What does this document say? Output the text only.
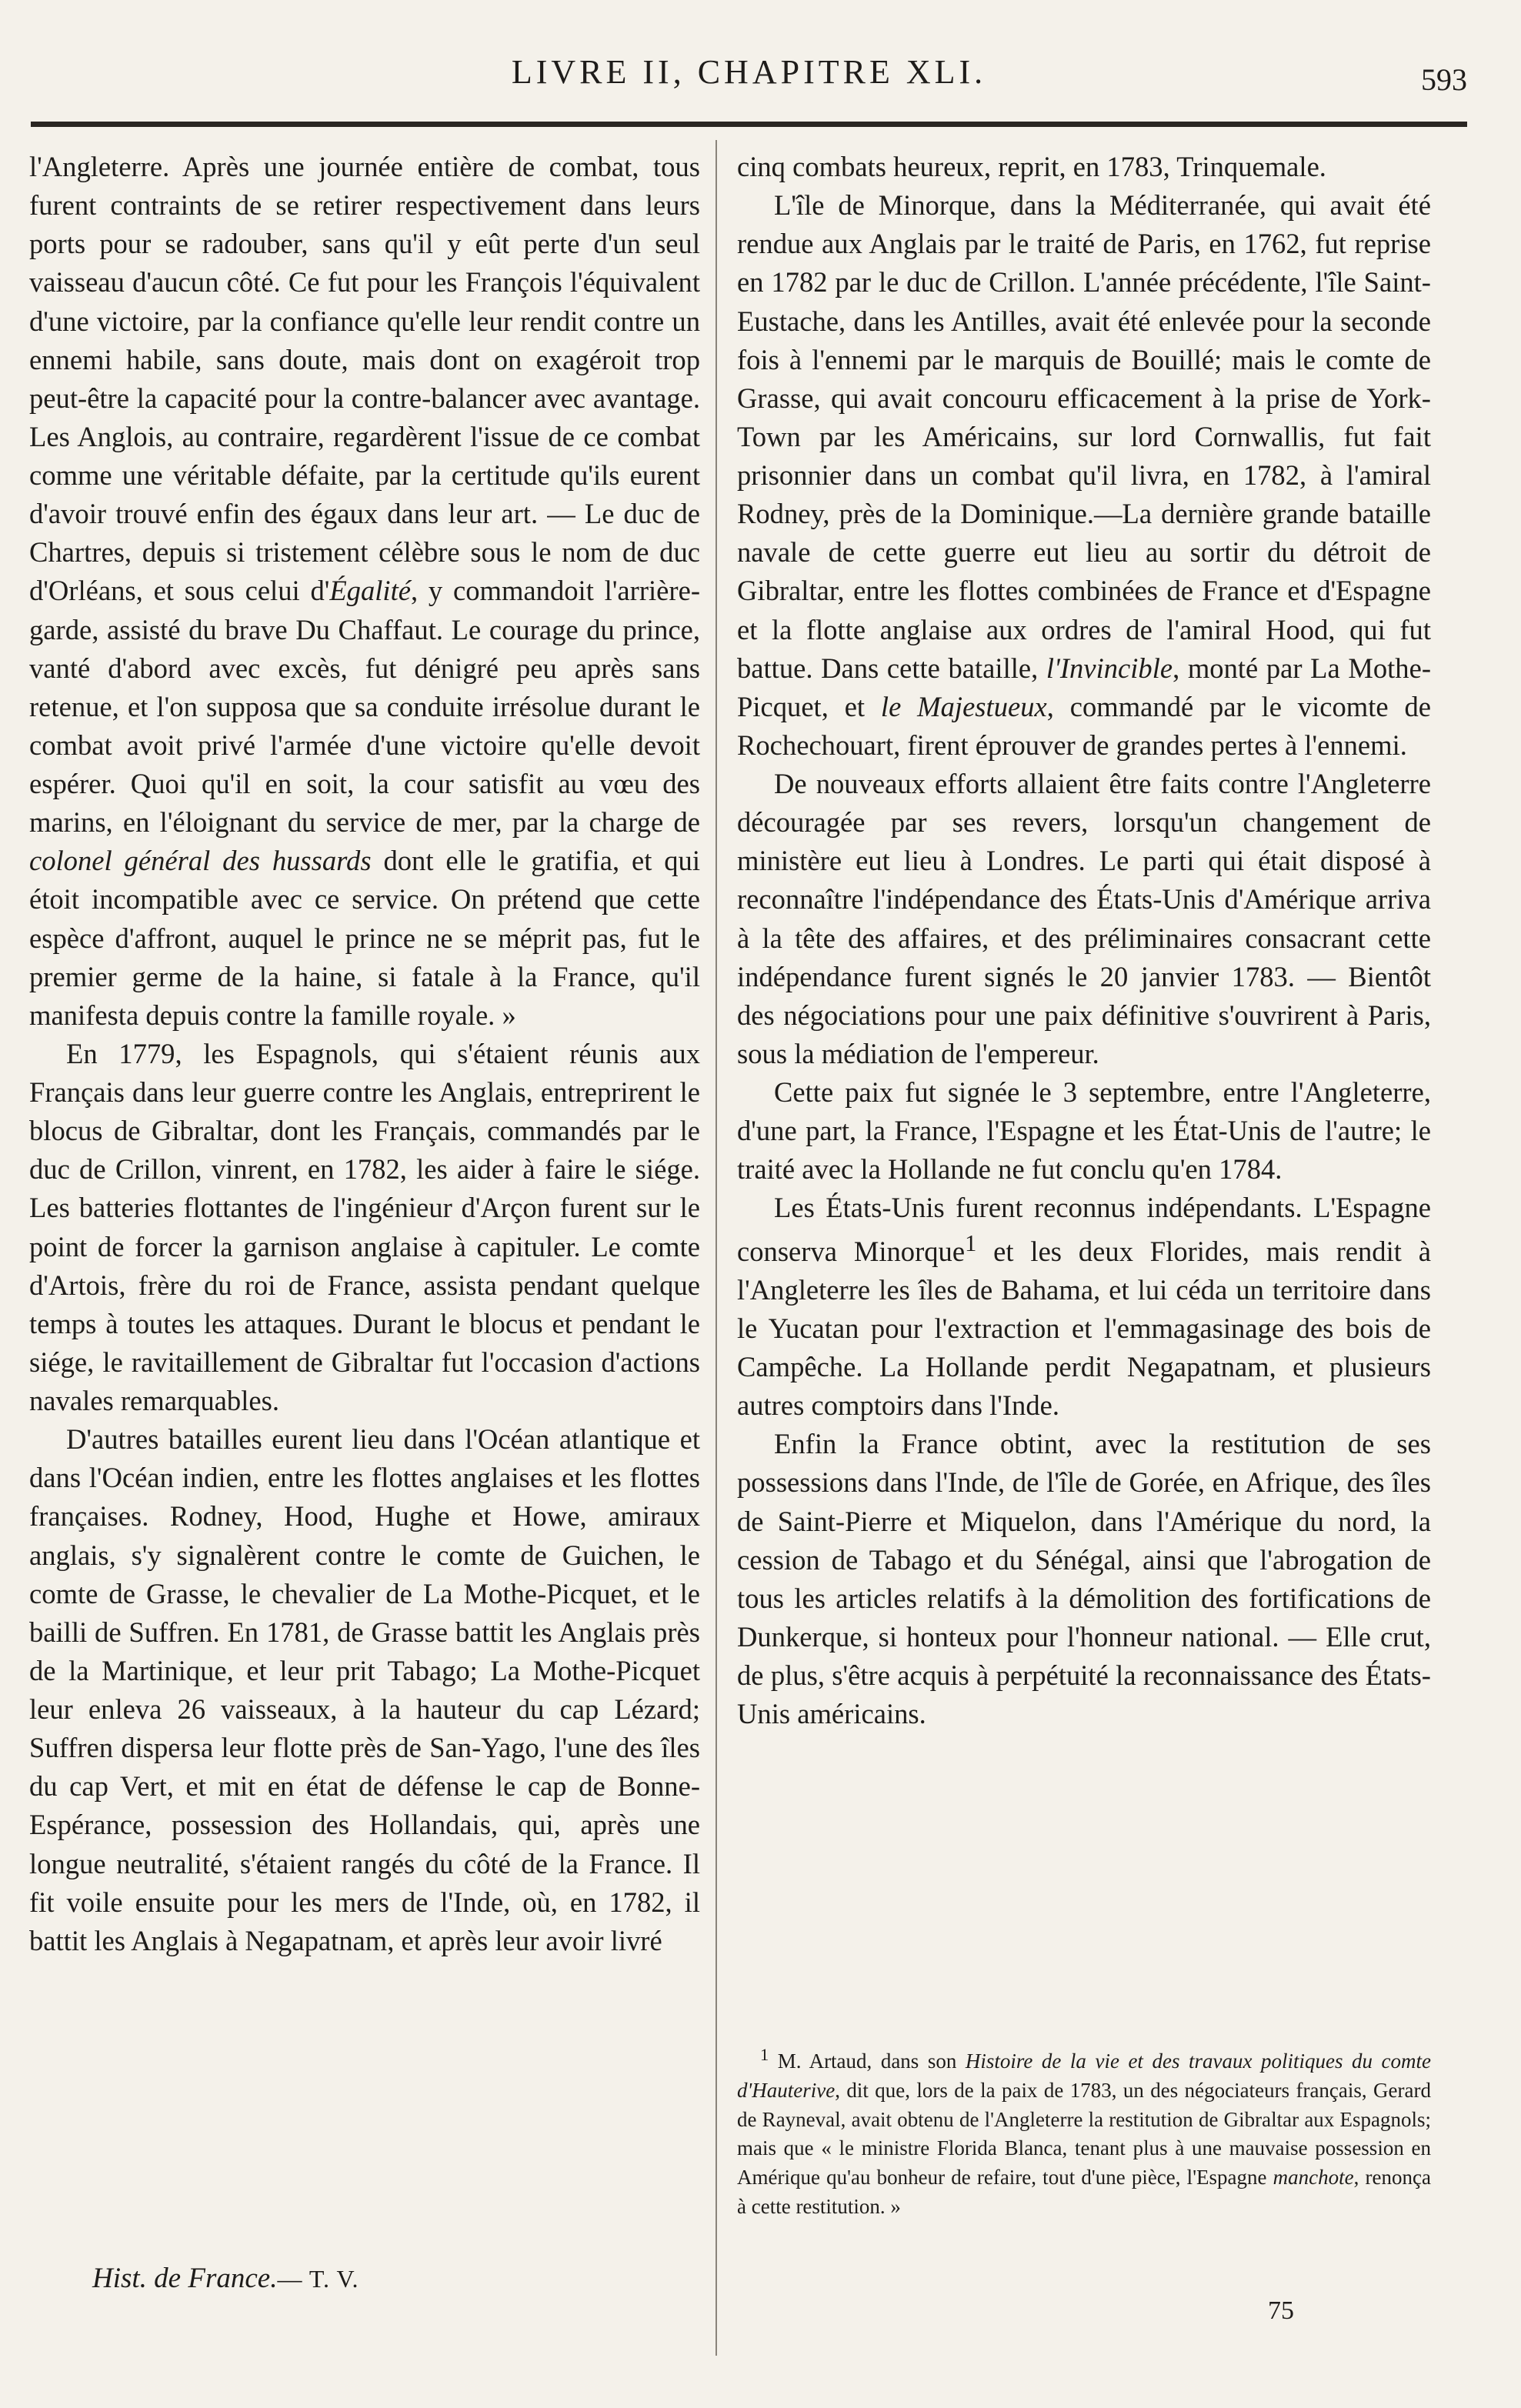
LIVRE II, CHAPITRE XLI.	593

l'Angleterre. Après une journée entière de combat, tous furent contraints de se retirer respectivement dans leurs ports pour se radouber, sans qu'il y eût perte d'un seul vaisseau d'aucun côté. Ce fut pour les François l'équivalent d'une victoire, par la confiance qu'elle leur rendit contre un ennemi habile, sans doute, mais dont on exagéroit trop peut-être la capacité pour la contre-balancer avec avantage. Les Anglois, au contraire, regardèrent l'issue de ce combat comme une véritable défaite, par la certitude qu'ils eurent d'avoir trouvé enfin des égaux dans leur art. — Le duc de Chartres, depuis si tristement célèbre sous le nom de duc d'Orléans, et sous celui d'Égalité, y commandoit l'arrière-garde, assisté du brave Du Chaffaut. Le courage du prince, vanté d'abord avec excès, fut dénigré peu après sans retenue, et l'on supposa que sa conduite irrésolue durant le combat avoit privé l'armée d'une victoire qu'elle devoit espérer. Quoi qu'il en soit, la cour satisfit au vœu des marins, en l'éloignant du service de mer, par la charge de colonel général des hussards dont elle le gratifia, et qui étoit incompatible avec ce service. On prétend que cette espèce d'affront, auquel le prince ne se méprit pas, fut le premier germe de la haine, si fatale à la France, qu'il manifesta depuis contre la famille royale. »

En 1779, les Espagnols, qui s'étaient réunis aux Français dans leur guerre contre les Anglais, entreprirent le blocus de Gibraltar, dont les Français, commandés par le duc de Crillon, vinrent, en 1782, les aider à faire le siége. Les batteries flottantes de l'ingénieur d'Arçon furent sur le point de forcer la garnison anglaise à capituler. Le comte d'Artois, frère du roi de France, assista pendant quelque temps à toutes les attaques. Durant le blocus et pendant le siége, le ravitaillement de Gibraltar fut l'occasion d'actions navales remarquables.

D'autres batailles eurent lieu dans l'Océan atlantique et dans l'Océan indien, entre les flottes anglaises et les flottes françaises. Rodney, Hood, Hughe et Howe, amiraux anglais, s'y signalèrent contre le comte de Guichen, le comte de Grasse, le chevalier de La Mothe-Picquet, et le bailli de Suffren. En 1781, de Grasse battit les Anglais près de la Martinique, et leur prit Tabago; La Mothe-Picquet leur enleva 26 vaisseaux, à la hauteur du cap Lézard; Suffren dispersa leur flotte près de San-Yago, l'une des îles du cap Vert, et mit en état de défense le cap de Bonne-Espérance, possession des Hollandais, qui, après une longue neutralité, s'étaient rangés du côté de la France. Il fit voile ensuite pour les mers de l'Inde, où, en 1782, il battit les Anglais à Negapatnam, et après leur avoir livré

cinq combats heureux, reprit, en 1783, Trinquemale.

L'île de Minorque, dans la Méditerranée, qui avait été rendue aux Anglais par le traité de Paris, en 1762, fut reprise en 1782 par le duc de Crillon. L'année précédente, l'île Saint-Eustache, dans les Antilles, avait été enlevée pour la seconde fois à l'ennemi par le marquis de Bouillé; mais le comte de Grasse, qui avait concouru efficacement à la prise de York-Town par les Américains, sur lord Cornwallis, fut fait prisonnier dans un combat qu'il livra, en 1782, à l'amiral Rodney, près de la Dominique.—La dernière grande bataille navale de cette guerre eut lieu au sortir du détroit de Gibraltar, entre les flottes combinées de France et d'Espagne et la flotte anglaise aux ordres de l'amiral Hood, qui fut battue. Dans cette bataille, l'Invincible, monté par La Mothe-Picquet, et le Majestueux, commandé par le vicomte de Rochechouart, firent éprouver de grandes pertes à l'ennemi.

De nouveaux efforts allaient être faits contre l'Angleterre découragée par ses revers, lorsqu'un changement de ministère eut lieu à Londres. Le parti qui était disposé à reconnaître l'indépendance des États-Unis d'Amérique arriva à la tête des affaires, et des préliminaires consacrant cette indépendance furent signés le 20 janvier 1783. — Bientôt des négociations pour une paix définitive s'ouvrirent à Paris, sous la médiation de l'empereur.

Cette paix fut signée le 3 septembre, entre l'Angleterre, d'une part, la France, l'Espagne et les État-Unis de l'autre; le traité avec la Hollande ne fut conclu qu'en 1784.

Les États-Unis furent reconnus indépendants. L'Espagne conserva Minorque$^1$ et les deux Florides, mais rendit à l'Angleterre les îles de Bahama, et lui céda un territoire dans le Yucatan pour l'extraction et l'emmagasinage des bois de Campêche. La Hollande perdit Negapatnam, et plusieurs autres comptoirs dans l'Inde.

Enfin la France obtint, avec la restitution de ses possessions dans l'Inde, de l'île de Gorée, en Afrique, des îles de Saint-Pierre et Miquelon, dans l'Amérique du nord, la cession de Tabago et du Sénégal, ainsi que l'abrogation de tous les articles relatifs à la démolition des fortifications de Dunkerque, si honteux pour l'honneur national. — Elle crut, de plus, s'être acquis à perpétuité la reconnaissance des États-Unis américains.

$^1$ M. Artaud, dans son Histoire de la vie et des travaux politiques du comte d'Hauterive, dit que, lors de la paix de 1783, un des négociateurs français, Gerard de Rayneval, avait obtenu de l'Angleterre la restitution de Gibraltar aux Espagnols; mais que « le ministre Florida Blanca, tenant plus à une mauvaise possession en Amérique qu'au bonheur de refaire, tout d'une pièce, l'Espagne manchote, renonça à cette restitution. »

Hist. de France.— T. V.
75
